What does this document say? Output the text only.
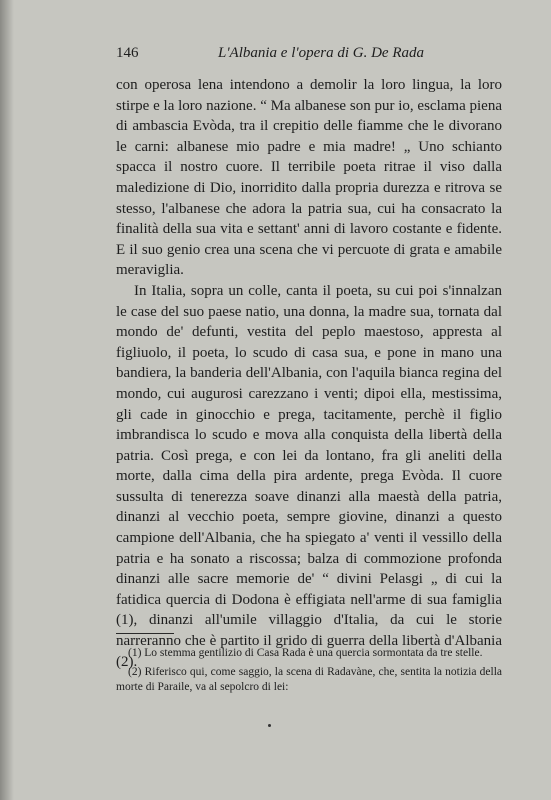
146	L'Albania e l'opera di G. De Rada

con operosa lena intendono a demolir la loro lingua, la loro stirpe e la loro nazione. “ Ma albanese son pur io, esclama piena di ambascia Evòda, tra il crepitio delle fiamme che le divorano le carni: albanese mio padre e mia madre! „ Uno schianto spacca il nostro cuore. Il terribile poeta ritrae il viso dalla maledizione di Dio, inorridito dalla propria durezza e ritrova se stesso, l'albanese che adora la patria sua, cui ha consacrato la finalità della sua vita e settant' anni di lavoro costante e fidente. E il suo genio crea una scena che vi percuote di grata e amabile meraviglia.

In Italia, sopra un colle, canta il poeta, su cui poi s'innalzan le case del suo paese natio, una donna, la madre sua, tornata dal mondo de' defunti, vestita del peplo maestoso, appresta al figliuolo, il poeta, lo scudo di casa sua, e pone in mano una bandiera, la banderia dell'Albania, con l'aquila bianca regina del mondo, cui augurosi carezzano i venti; dipoi ella, mestissima, gli cade in ginocchio e prega, tacitamente, perchè il figlio imbrandisca lo scudo e mova alla conquista della libertà della patria. Così prega, e con lei da lontano, fra gli aneliti della morte, dalla cima della pira ardente, prega Evòda. Il cuore sussulta di tenerezza soave dinanzi alla maestà della patria, dinanzi al vecchio poeta, sempre giovine, dinanzi a questo campione dell'Albania, che ha spiegato a' venti il vessillo della patria e ha sonato a riscossa; balza di commozione profonda dinanzi alle sacre memorie de' “ divini Pelasgi „ di cui la fatidica quercia di Dodona è effigiata nell'arme di sua famiglia (1), dinanzi all'umile villaggio d'Italia, da cui le storie narreranno che è partito il grido di guerra della libertà d'Albania (2).

(1) Lo stemma gentilizio di Casa Rada è una quercia sormontata da tre stelle.

(2) Riferisco qui, come saggio, la scena di Radavàne, che, sentita la notizia della morte di Paraile, va al sepolcro di lei:
